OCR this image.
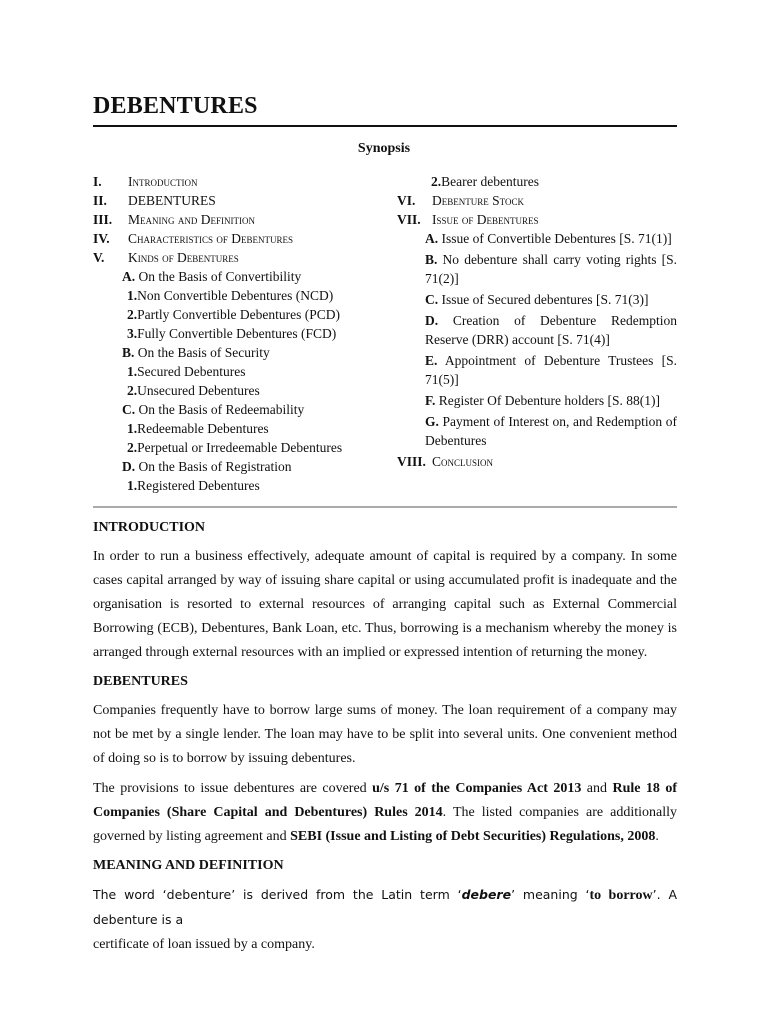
DEBENTURES
Synopsis
I.	Introduction
II.	DEBENTURES
III.	Meaning and Definition
IV.	Characteristics of Debentures
V.	Kinds of Debentures
A. On the Basis of Convertibility
1.Non Convertible Debentures (NCD)
2.Partly Convertible Debentures (PCD)
3.Fully Convertible Debentures (FCD)
B. On the Basis of Security
1.Secured Debentures
2.Unsecured Debentures
C. On the Basis of Redeemability
1.Redeemable Debentures
2.Perpetual or Irredeemable Debentures
D. On the Basis of Registration
1.Registered Debentures
2.Bearer debentures
VI.	Debenture Stock
VII. Issue of Debentures
A. Issue of Convertible Debentures [S. 71(1)]
B. No debenture shall carry voting rights [S. 71(2)]
C. Issue of Secured debentures [S. 71(3)]
D. Creation of Debenture Redemption Reserve (DRR) account [S. 71(4)]
E. Appointment of Debenture Trustees [S. 71(5)]
F. Register Of Debenture holders [S. 88(1)]
G. Payment of Interest on, and Redemption of Debentures
VIII. Conclusion
INTRODUCTION

In order to run a business effectively, adequate amount of capital is required by a company. In some cases capital arranged by way of issuing share capital or using accumulated profit is inadequate and the organisation is resorted to external resources of arranging capital such as External Commercial Borrowing (ECB), Debentures, Bank Loan, etc. Thus, borrowing is a mechanism whereby the money is arranged through external resources with an implied or expressed intention of returning the money.

DEBENTURES

Companies frequently have to borrow large sums of money. The loan requirement of a company may not be met by a single lender. The loan may have to be split into several units. One convenient method of doing so is to borrow by issuing debentures.

The provisions to issue debentures are covered u/s 71 of the Companies Act 2013 and Rule 18 of Companies (Share Capital and Debentures) Rules 2014. The listed companies are additionally governed by listing agreement and SEBI (Issue and Listing of Debt Securities) Regulations, 2008.

MEANING AND DEFINITION

The word ‘debenture’ is derived from the Latin term ‘debere’ meaning ‘to borrow’. A debenture is a
certificate of loan issued by a company.
